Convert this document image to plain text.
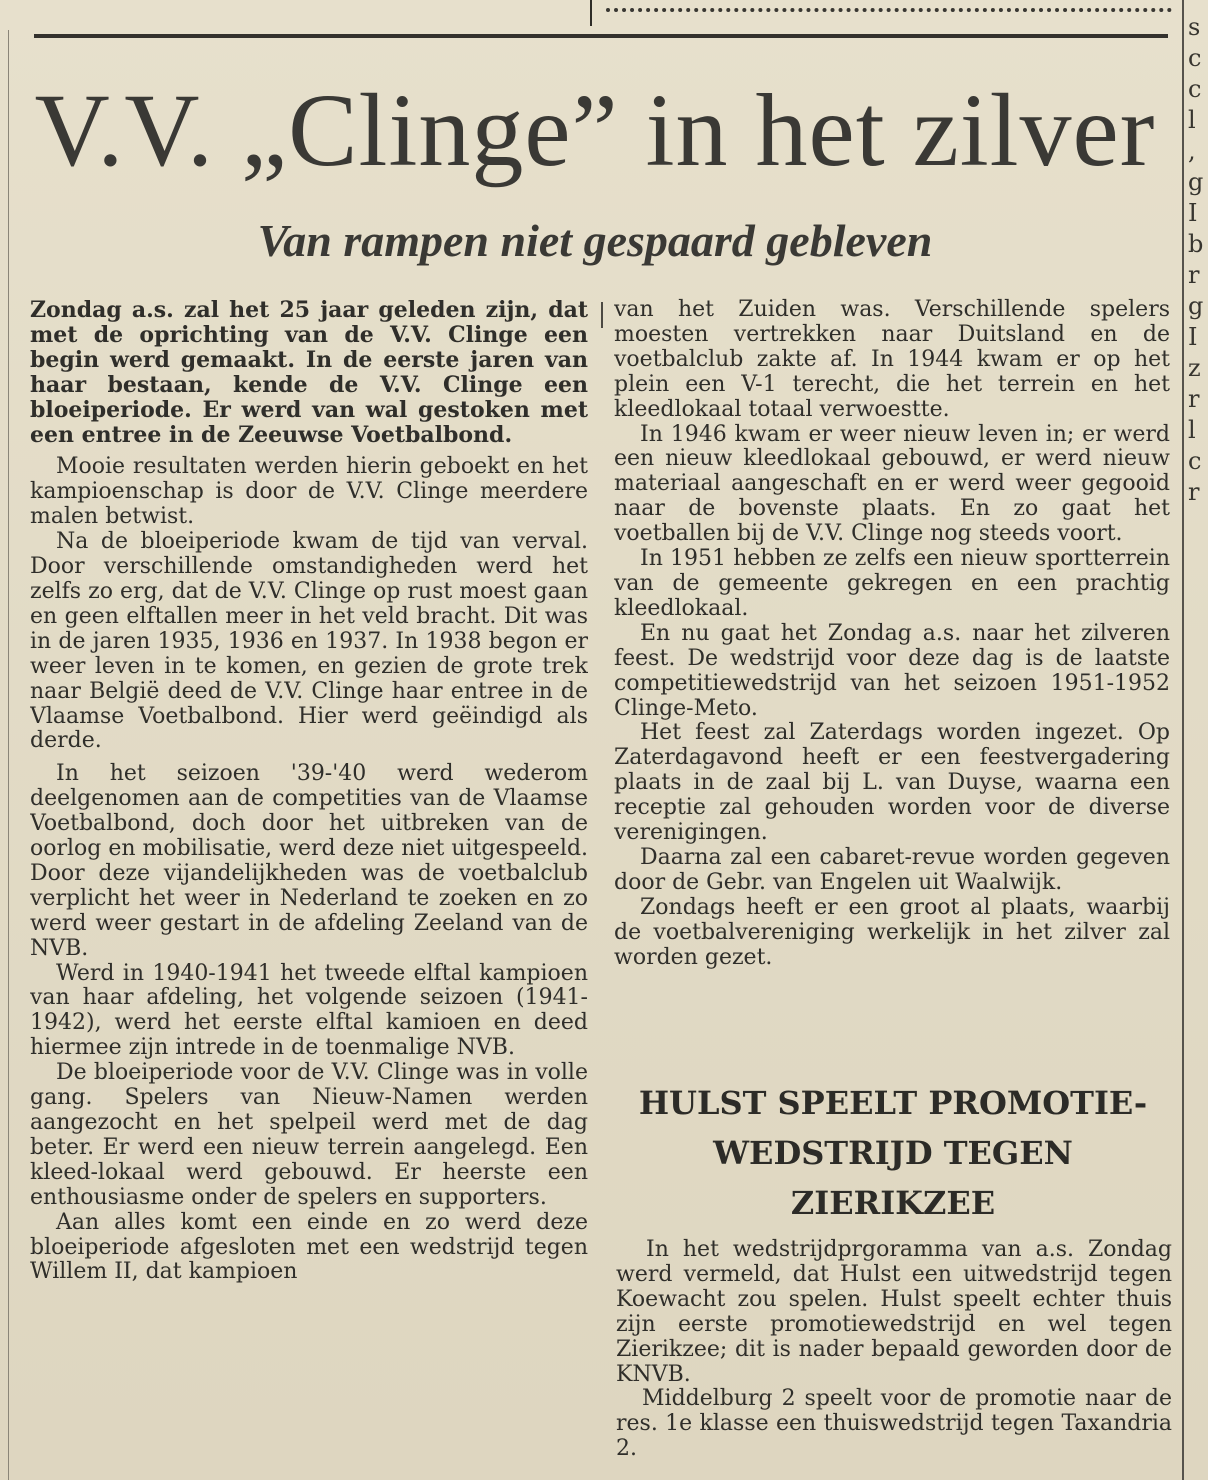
s
c
c
l
,
g
I
b
r
g
I
z
r
l
c
r
V.V. „Clinge” in het zilver
Van rampen niet gespaard gebleven

Zondag a.s. zal het 25 jaar geleden zijn, dat met de oprichting van de V.V. Clinge een begin werd gemaakt. In de eerste jaren van haar bestaan, kende de V.V. Clinge een bloeiperiode. Er werd van wal gestoken met een entree in de Zeeuwse Voetbalbond.

Mooie resultaten werden hierin geboekt en het kampioenschap is door de V.V. Clinge meerdere malen betwist.

Na de bloeiperiode kwam de tijd van verval. Door verschillende omstandigheden werd het zelfs zo erg, dat de V.V. Clinge op rust moest gaan en geen elftallen meer in het veld bracht. Dit was in de jaren 1935, 1936 en 1937. In 1938 begon er weer leven in te komen, en gezien de grote trek naar België deed de V.V. Clinge haar entree in de Vlaamse Voetbalbond. Hier werd geëindigd als derde.

In het seizoen '39-'40 werd wederom deelgenomen aan de competities van de Vlaamse Voetbalbond, doch door het uitbreken van de oorlog en mobilisatie, werd deze niet uitgespeeld. Door deze vijandelijkheden was de voetbalclub verplicht het weer in Nederland te zoeken en zo werd weer gestart in de afdeling Zeeland van de NVB.

Werd in 1940-1941 het tweede elftal kampioen van haar afdeling, het volgende seizoen (1941-1942), werd het eerste elftal kamioen en deed hiermee zijn intrede in de toenmalige NVB.

De bloeiperiode voor de V.V. Clinge was in volle gang. Spelers van Nieuw-Namen werden aangezocht en het spelpeil werd met de dag beter. Er werd een nieuw terrein aangelegd. Een kleed-lokaal werd gebouwd. Er heerste een enthousiasme onder de spelers en supporters.

Aan alles komt een einde en zo werd deze bloeiperiode afgesloten met een wedstrijd tegen Willem II, dat kampioen

van het Zuiden was. Verschillende spelers moesten vertrekken naar Duitsland en de voetbalclub zakte af. In 1944 kwam er op het plein een V-1 terecht, die het terrein en het kleedlokaal totaal verwoestte.

In 1946 kwam er weer nieuw leven in; er werd een nieuw kleedlokaal gebouwd, er werd nieuw materiaal aangeschaft en er werd weer gegooid naar de bovenste plaats. En zo gaat het voetballen bij de V.V. Clinge nog steeds voort.

In 1951 hebben ze zelfs een nieuw sportterrein van de gemeente gekregen en een prachtig kleedlokaal.

En nu gaat het Zondag a.s. naar het zilveren feest. De wedstrijd voor deze dag is de laatste competitiewedstrijd van het seizoen 1951-1952 Clinge-Meto.

Het feest zal Zaterdags worden ingezet. Op Zaterdagavond heeft er een feestvergadering plaats in de zaal bij L. van Duyse, waarna een receptie zal gehouden worden voor de diverse verenigingen.

Daarna zal een cabaret-revue worden gegeven door de Gebr. van Engelen uit Waalwijk.

Zondags heeft er een groot al plaats, waarbij de voetbalvereniging werkelijk in het zilver zal worden gezet.

HULST SPEELT PROMOTIE-
WEDSTRIJD TEGEN
ZIERIKZEE

In het wedstrijdprgoramma van a.s. Zondag werd vermeld, dat Hulst een uitwedstrijd tegen Koewacht zou spelen. Hulst speelt echter thuis zijn eerste promotiewedstrijd en wel tegen Zierikzee; dit is nader bepaald geworden door de KNVB.

Middelburg 2 speelt voor de promotie naar de res. 1e klasse een thuiswedstrijd tegen Taxandria 2.
